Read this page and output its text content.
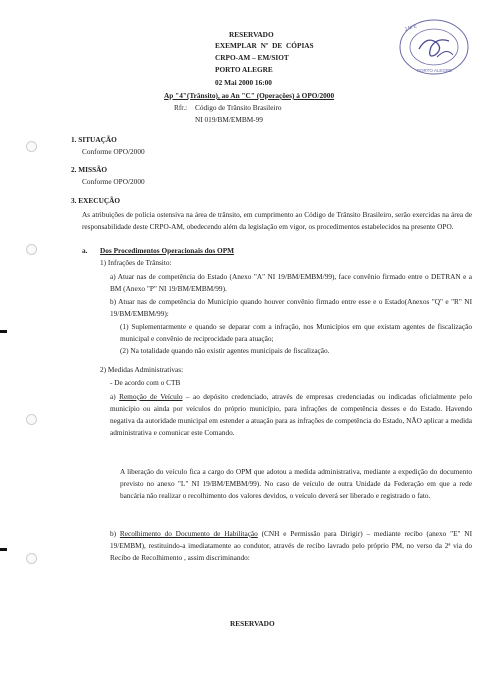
J M E
PORTO ALEGRE
RESERVADO
EXEMPLAR Nº DE CÓPIAS
CRPO-AM – EM/SIOT
PORTO ALEGRE
02 Mai 2000 16:00
Ap "4"(Trânsito), ao An "C" (Operações) à OPO/2000
Rfr.: Código de Trânsito Brasileiro
NI 019/BM/EMBM-99
1. SITUAÇÃO
Conforme OPO/2000
2. MISSÃO
Conforme OPO/2000
3. EXECUÇÃO
As atribuições de polícia ostensiva na área de trânsito, em cumprimento ao Código de Trânsito Brasileiro, serão exercidas na área de responsabilidade deste CRPO-AM, obedecendo além da legislação em vigor, os procedimentos estabelecidos na presente OPO.
a. Dos Procedimentos Operacionais dos OPM
1) Infrações de Trânsito:
a) Atuar nas de competência do Estado (Anexo "A" NI 19/BM/EMBM/99), face convênio firmado entre o DETRAN e a BM (Anexo "P" NI 19/BM/EMBM/99).
b) Atuar nas de competência do Município quando houver convênio firmado entre esse e o Estado(Anexos "Q" e "R" NI 19/BM/EMBM/99):
(1) Suplementarmente e quando se deparar com a infração, nos Municípios em que existam agentes de fiscalização municipal e convênio de reciprocidade para atuação;
(2) Na totalidade quando não existir agentes municipais de fiscalização.
2) Medidas Administrativas:
- De acordo com o CTB
a) Remoção de Veículo – ao depósito credenciado, através de empresas credenciadas ou indicadas oficialmente pelo município ou ainda por veículos do próprio município, para infrações de competência desses e do Estado. Havendo negativa da autoridade municipal em estender a atuação para as infrações de competência do Estado, NÃO aplicar a medida administrativa e comunicar este Comando.
A liberação do veículo fica a cargo do OPM que adotou a medida administrativa, mediante a expedição do documento previsto no anexo "L" NI 19/BM/EMBM/99). No caso de veículo de outra Unidade da Federação em que a rede bancária não realizar o recolhimento dos valores devidos, o veículo deverá ser liberado e registrado o fato.
b) Recolhimento do Documento de Habilitação (CNH e Permissão para Dirigir) – mediante recibo (anexo "E" NI 19/EMBM), restituindo-a imediatamente ao condutor, através de recibo lavrado pelo próprio PM, no verso da 2ª via do Recibo de Recolhimento , assim discriminando:
RESERVADO
